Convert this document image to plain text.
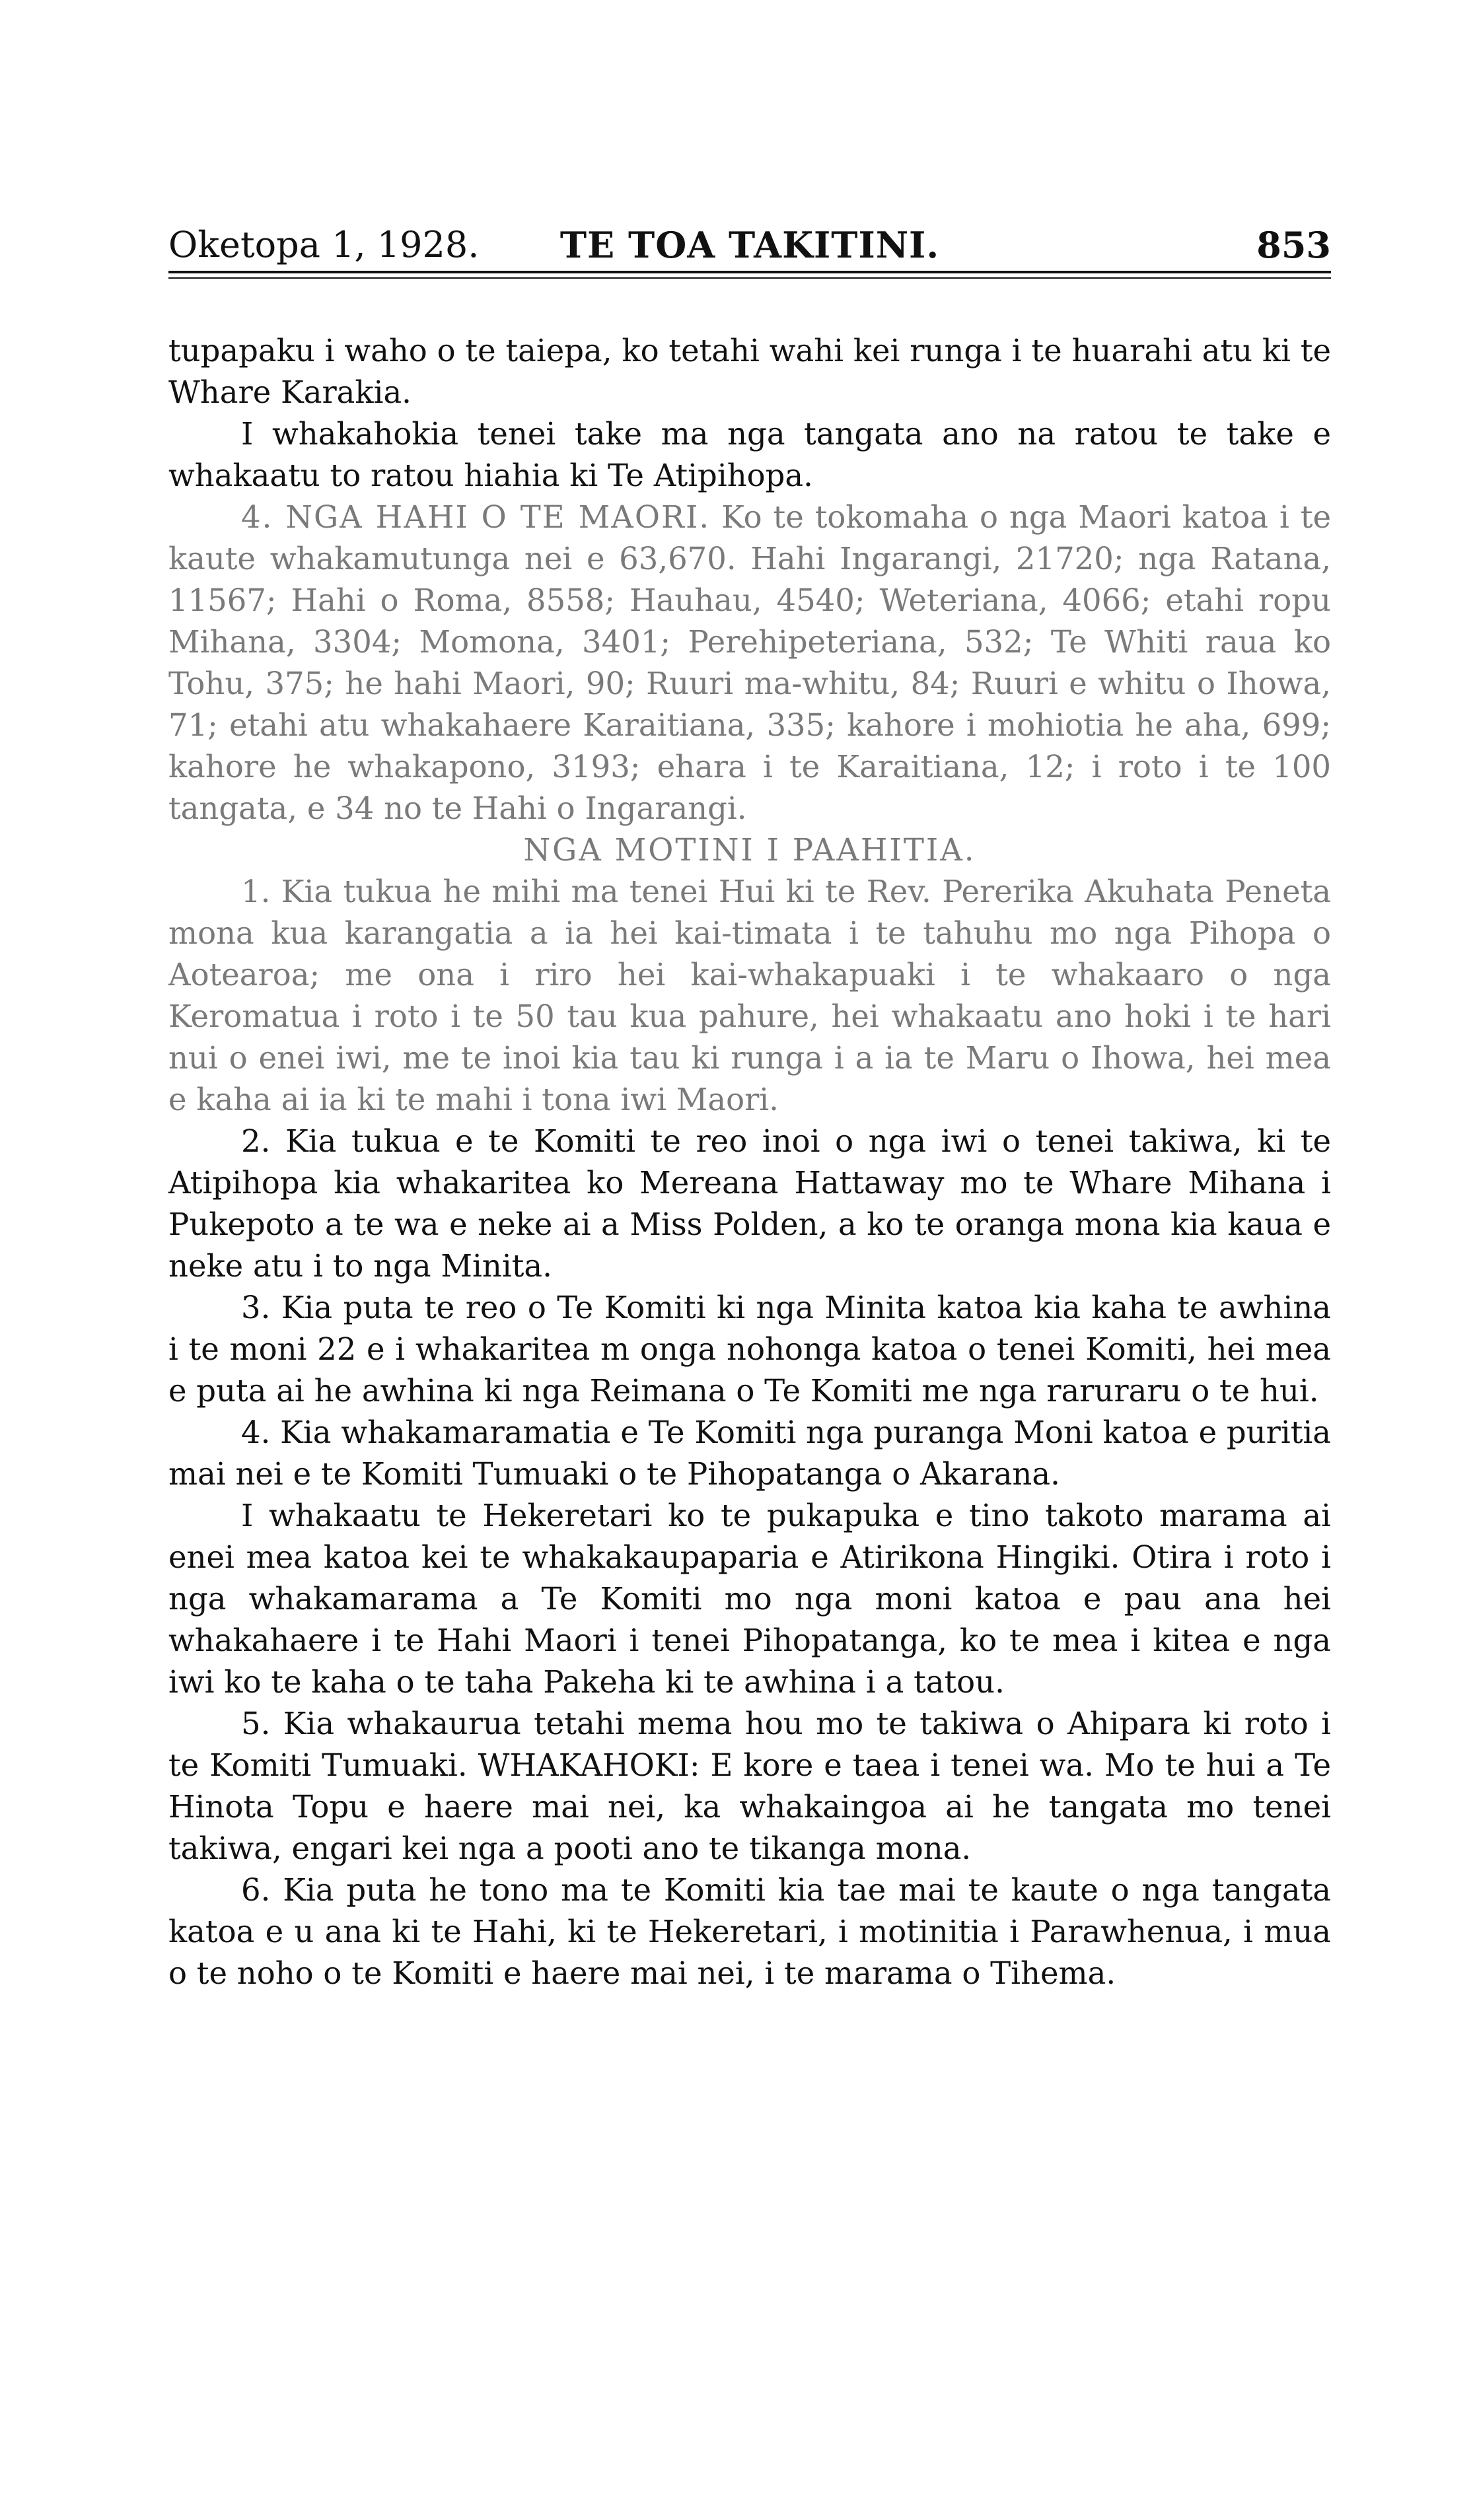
Oketopa 1, 1928.	TE TOA TAKITINI.	853

tupapaku i waho o te taiepa, ko tetahi wahi kei runga i te huarahi atu ki te Whare Karakia.

I whakahokia tenei take ma nga tangata ano na ratou te take e whakaatu to ratou hiahia ki Te Atipihopa.

4. NGA HAHI O TE MAORI. Ko te tokomaha o nga Maori katoa i te kaute whakamutunga nei e 63,670. Hahi Ingarangi, 21720; nga Ratana, 11567; Hahi o Roma, 8558; Hauhau, 4540; Weteriana, 4066; etahi ropu Mihana, 3304; Momona, 3401; Perehipeteriana, 532; Te Whiti raua ko Tohu, 375; he hahi Maori, 90; Ruuri ma-whitu, 84; Ruuri e whitu o Ihowa, 71; etahi atu whakahaere Karaitiana, 335; kahore i mohiotia he aha, 699; kahore he whakapono, 3193; ehara i te Karaitiana, 12; i roto i te 100 tangata, e 34 no te Hahi o Ingarangi.

NGA MOTINI I PAAHITIA.

1. Kia tukua he mihi ma tenei Hui ki te Rev. Pererika Akuhata Peneta mona kua karangatia a ia hei kai-timata i te tahuhu mo nga Pihopa o Aotearoa; me ona i riro hei kai-whakapuaki i te whakaaro o nga Keromatua i roto i te 50 tau kua pahure, hei whakaatu ano hoki i te hari nui o enei iwi, me te inoi kia tau ki runga i a ia te Maru o Ihowa, hei mea e kaha ai ia ki te mahi i tona iwi Maori.

2. Kia tukua e te Komiti te reo inoi o nga iwi o tenei takiwa, ki te Atipihopa kia whakaritea ko Mereana Hattaway mo te Whare Mihana i Pukepoto a te wa e neke ai a Miss Polden, a ko te oranga mona kia kaua e neke atu i to nga Minita.

3. Kia puta te reo o Te Komiti ki nga Minita katoa kia kaha te awhina i te moni 22 e i whakaritea m onga nohonga katoa o tenei Komiti, hei mea e puta ai he awhina ki nga Reimana o Te Komiti me nga raruraru o te hui.

4. Kia whakamaramatia e Te Komiti nga puranga Moni katoa e puritia mai nei e te Komiti Tumuaki o te Pihopatanga o Akarana.

I whakaatu te Hekeretari ko te pukapuka e tino takoto marama ai enei mea katoa kei te whakakaupaparia e Atirikona Hingiki. Otira i roto i nga whakamarama a Te Komiti mo nga moni katoa e pau ana hei whakahaere i te Hahi Maori i tenei Pihopatanga, ko te mea i kitea e nga iwi ko te kaha o te taha Pakeha ki te awhina i a tatou.

5. Kia whakaurua tetahi mema hou mo te takiwa o Ahipara ki roto i te Komiti Tumuaki. WHAKAHOKI: E kore e taea i tenei wa. Mo te hui a Te Hinota Topu e haere mai nei, ka whakaingoa ai he tangata mo tenei takiwa, engari kei nga a pooti ano te tikanga mona.

6. Kia puta he tono ma te Komiti kia tae mai te kaute o nga tangata katoa e u ana ki te Hahi, ki te Hekeretari, i motinitia i Parawhenua, i mua o te noho o te Komiti e haere mai nei, i te marama o Tihema.
